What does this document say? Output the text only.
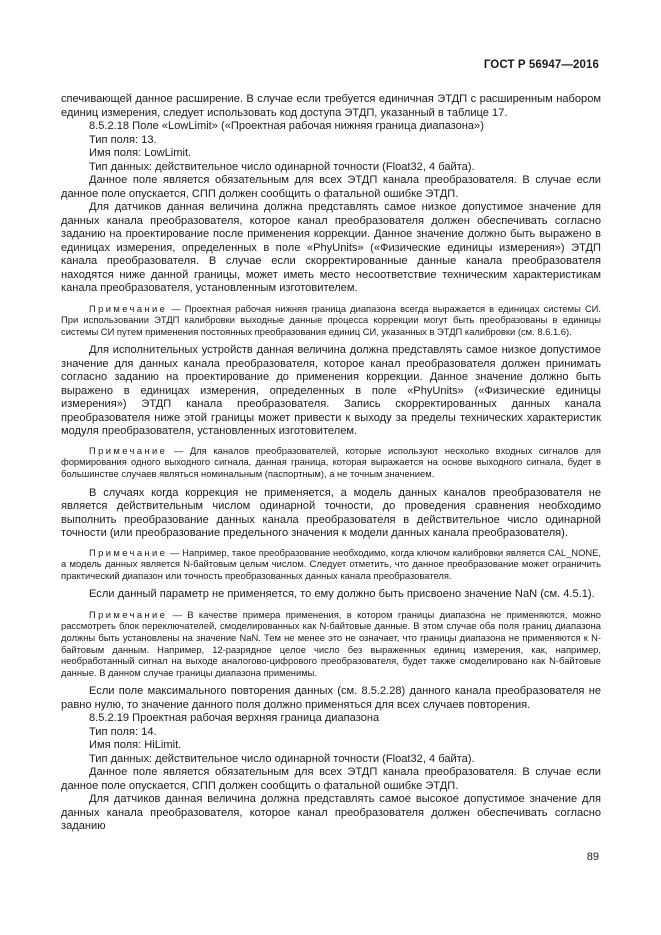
ГОСТ Р 56947—2016

спечивающей данное расширение. В случае если требуется единичная ЭТДП с расширенным набором единиц измерения, следует использовать код доступа ЭТДП, указанный в таблице 17.

8.5.2.18 Поле «LowLimit» («Проектная рабочая нижняя граница диапазона»)

Тип поля: 13.

Имя поля: LowLimit.

Тип данных: действительное число одинарной точности (Float32, 4 байта).

Данное поле является обязательным для всех ЭТДП канала преобразователя. В случае если данное поле опускается, СПП должен сообщить о фатальной ошибке ЭТДП.

Для датчиков данная величина должна представлять самое низкое допустимое значение для данных канала преобразователя, которое канал преобразователя должен обеспечивать согласно заданию на проектирование после применения коррекции. Данное значение должно быть выражено в единицах измерения, определенных в поле «PhyUnits» («Физические единицы измерения») ЭТДП канала преобразователя. В случае если скорректированные данные канала преобразователя находятся ниже данной границы, может иметь место несоответствие техническим характеристикам канала преобразователя, установленным изготовителем.

Примечание — Проектная рабочая нижняя граница диапазона всегда выражается в единицах системы СИ. При использовании ЭТДП калибровки выходные данные процесса коррекции могут быть преобразованы в единицы системы СИ путем применения постоянных преобразования единиц СИ, указанных в ЭТДП калибровки (см. 8.6.1.6).

Для исполнительных устройств данная величина должна представлять самое низкое допустимое значение для данных канала преобразователя, которое канал преобразователя должен принимать согласно заданию на проектирование до применения коррекции. Данное значение должно быть выражено в единицах измерения, определенных в поле «PhyUnits» («Физические единицы измерения») ЭТДП канала преобразователя. Запись скорректированных данных канала преобразователя ниже этой границы может привести к выходу за пределы технических характеристик модуля преобразователя, установленных изготовителем.

Примечание — Для каналов преобразователей, которые используют несколько входных сигналов для формирования одного выходного сигнала, данная граница, которая выражается на основе выходного сигнала, будет в большинстве случаев являться номинальным (паспортным), а не точным значением.

В случаях когда коррекция не применяется, а модель данных каналов преобразователя не является действительным числом одинарной точности, до проведения сравнения необходимо выполнить преобразование данных канала преобразователя в действительное число одинарной точности (или преобразование предельного значения к модели данных канала преобразователя).

Примечание — Например, такое преобразование необходимо, когда ключом калибровки является CAL_NONE, а модель данных является N-байтовым целым числом. Следует отметить, что данное преобразование может ограничить практический диапазон или точность преобразованных данных канала преобразователя.

Если данный параметр не применяется, то ему должно быть присвоено значение NaN (см. 4.5.1).

Примечание — В качестве примера применения, в котором границы диапазона не применяются, можно рассмотреть блок переключателей, смоделированных как N-байтовые данные. В этом случае оба поля границ диапазона должны быть установлены на значение NaN. Тем не менее это не означает, что границы диапазона не применяются к N-байтовым данным. Например, 12-разрядное целое число без выраженных единиц измерения, как, например, необработанный сигнал на выходе аналогово-цифрового преобразователя, будет также смоделировано как N-байтовые данные. В данном случае границы диапазона применимы.

Если поле максимального повторения данных (см. 8.5.2.28) данного канала преобразователя не равно нулю, то значение данного поля должно применяться для всех случаев повторения.

8.5.2.19 Проектная рабочая верхняя граница диапазона

Тип поля: 14.

Имя поля: HiLimit.

Тип данных: действительное число одинарной точности (Float32, 4 байта).

Данное поле является обязательным для всех ЭТДП канала преобразователя. В случае если данное поле опускается, СПП должен сообщить о фатальной ошибке ЭТДП.

Для датчиков данная величина должна представлять самое высокое допустимое значение для данных канала преобразователя, которое канал преобразователя должен обеспечивать согласно заданию

89
